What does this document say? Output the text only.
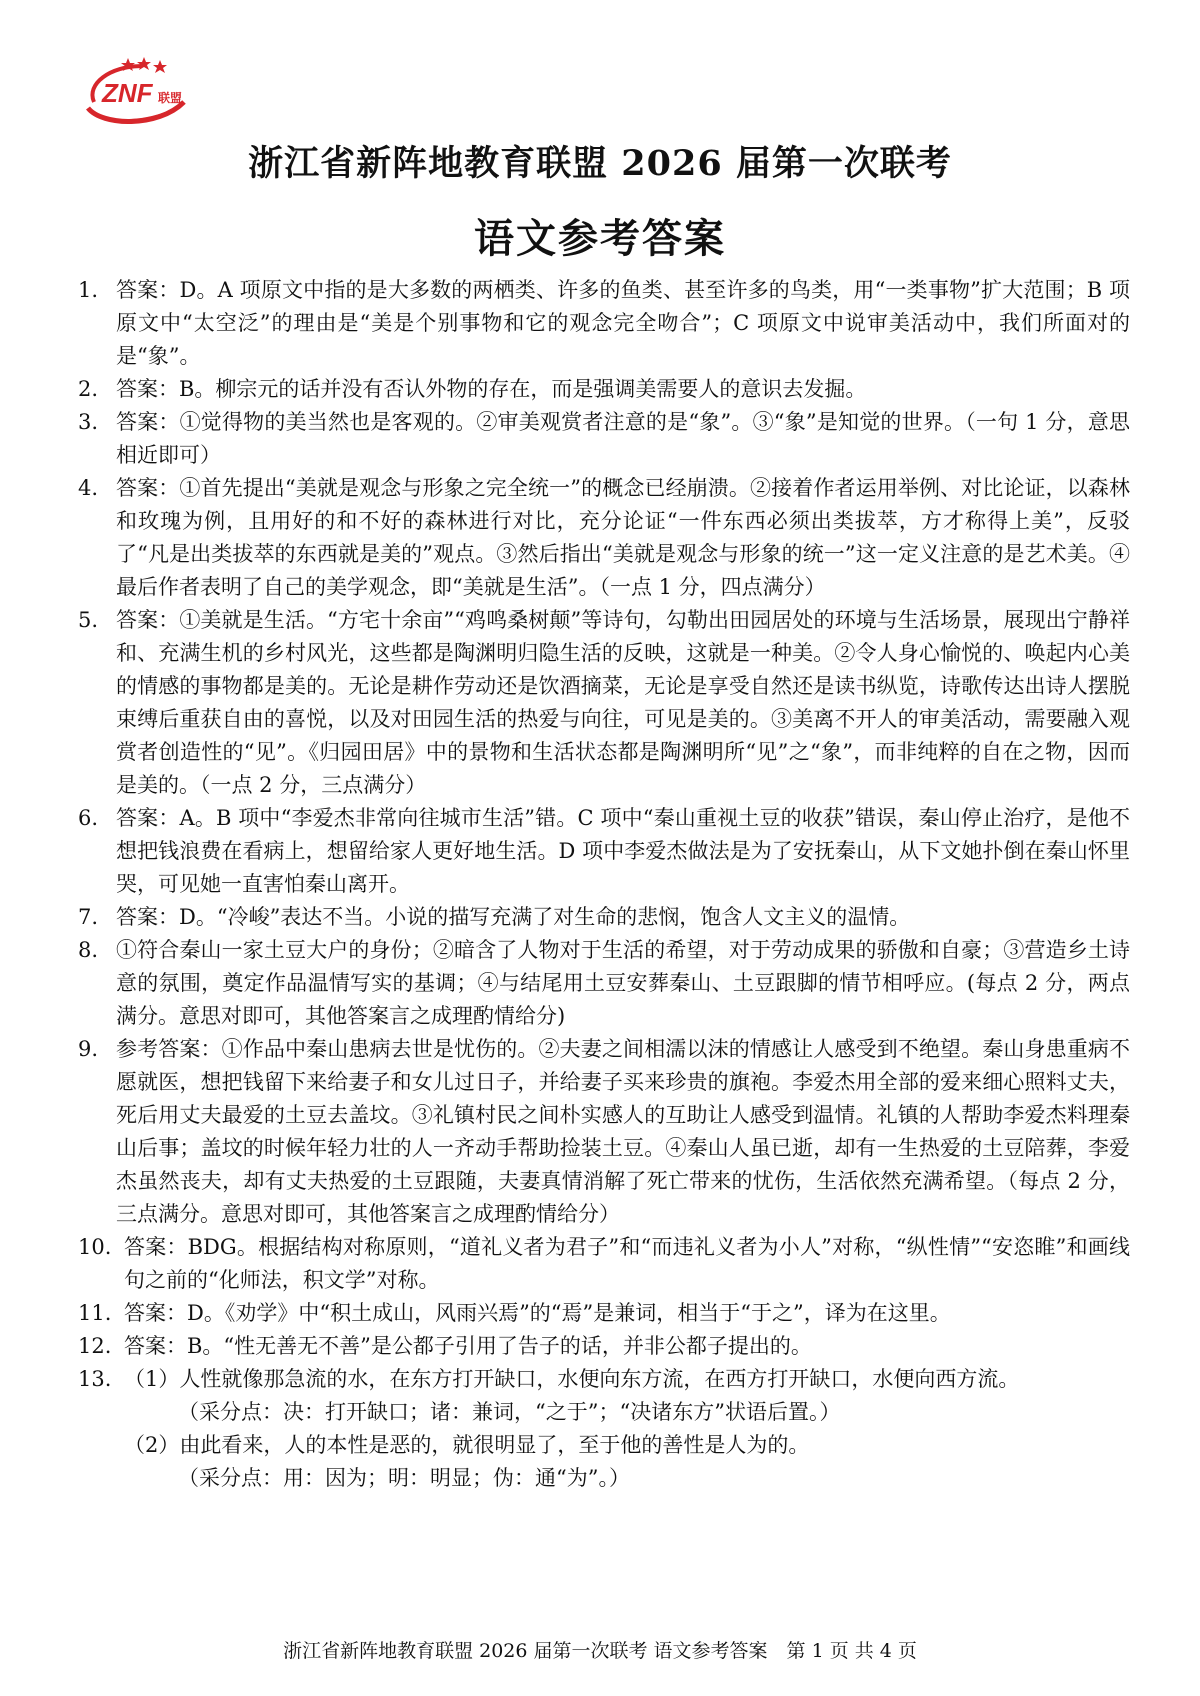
ZNF 联盟
浙江省新阵地教育联盟 2026 届第一次联考
语文参考答案
1. 答案：D。A 项原文中指的是大多数的两栖类、许多的鱼类、甚至许多的鸟类，用“一类事物”扩大范围；B 项原文中“太空泛”的理由是“美是个别事物和它的观念完全吻合”；C 项原文中说审美活动中，我们所面对的是“象”。
2. 答案：B。柳宗元的话并没有否认外物的存在，而是强调美需要人的意识去发掘。
3. 答案：①觉得物的美当然也是客观的。②审美观赏者注意的是“象”。③“象”是知觉的世界。（一句 1 分，意思相近即可）
4. 答案：①首先提出“美就是观念与形象之完全统一”的概念已经崩溃。②接着作者运用举例、对比论证，以森林和玫瑰为例，且用好的和不好的森林进行对比，充分论证“一件东西必须出类拔萃，方才称得上美”，反驳了“凡是出类拔萃的东西就是美的”观点。③然后指出“美就是观念与形象的统一”这一定义注意的是艺术美。④最后作者表明了自己的美学观念，即“美就是生活”。（一点 1 分，四点满分）
5. 答案：①美就是生活。“方宅十余亩”“鸡鸣桑树颠”等诗句，勾勒出田园居处的环境与生活场景，展现出宁静祥和、充满生机的乡村风光，这些都是陶渊明归隐生活的反映，这就是一种美。②令人身心愉悦的、唤起内心美的情感的事物都是美的。无论是耕作劳动还是饮酒摘菜，无论是享受自然还是读书纵览，诗歌传达出诗人摆脱束缚后重获自由的喜悦，以及对田园生活的热爱与向往，可见是美的。③美离不开人的审美活动，需要融入观赏者创造性的“见”。《归园田居》中的景物和生活状态都是陶渊明所“见”之“象”，而非纯粹的自在之物，因而是美的。（一点 2 分，三点满分）
6. 答案：A。B 项中“李爱杰非常向往城市生活”错。C 项中“秦山重视土豆的收获”错误，秦山停止治疗，是他不想把钱浪费在看病上，想留给家人更好地生活。D 项中李爱杰做法是为了安抚秦山，从下文她扑倒在秦山怀里哭，可见她一直害怕秦山离开。
7. 答案：D。“冷峻”表达不当。小说的描写充满了对生命的悲悯，饱含人文主义的温情。
8. ①符合秦山一家土豆大户的身份；②暗含了人物对于生活的希望，对于劳动成果的骄傲和自豪；③营造乡土诗意的氛围，奠定作品温情写实的基调；④与结尾用土豆安葬秦山、土豆跟脚的情节相呼应。(每点 2 分，两点满分。意思对即可，其他答案言之成理酌情给分)
9. 参考答案：①作品中秦山患病去世是忧伤的。②夫妻之间相濡以沫的情感让人感受到不绝望。秦山身患重病不愿就医，想把钱留下来给妻子和女儿过日子，并给妻子买来珍贵的旗袍。李爱杰用全部的爱来细心照料丈夫，死后用丈夫最爱的土豆去盖坟。③礼镇村民之间朴实感人的互助让人感受到温情。礼镇的人帮助李爱杰料理秦山后事；盖坟的时候年轻力壮的人一齐动手帮助捡装土豆。④秦山人虽已逝，却有一生热爱的土豆陪葬，李爱杰虽然丧夫，却有丈夫热爱的土豆跟随，夫妻真情消解了死亡带来的忧伤，生活依然充满希望。（每点 2 分，三点满分。意思对即可，其他答案言之成理酌情给分）
10. 答案：BDG。根据结构对称原则，“道礼义者为君子”和“而违礼义者为小人”对称，“纵性情”“安恣睢”和画线句之前的“化师法，积文学”对称。
11. 答案：D。《劝学》中“积土成山，风雨兴焉”的“焉”是兼词，相当于“于之”，译为在这里。
12. 答案：B。“性无善无不善”是公都子引用了告子的话，并非公都子提出的。
13. （1） 人性就像那急流的水，在东方打开缺口，水便向东方流，在西方打开缺口，水便向西方流。
（采分点：决：打开缺口；诸：兼词，“之于”；“决诸东方”状语后置。）
（2） 由此看来，人的本性是恶的，就很明显了，至于他的善性是人为的。
（采分点：用：因为；明：明显；伪：通“为”。）
浙江省新阵地教育联盟 2026 届第一次联考 语文参考答案　第 1 页 共 4 页
